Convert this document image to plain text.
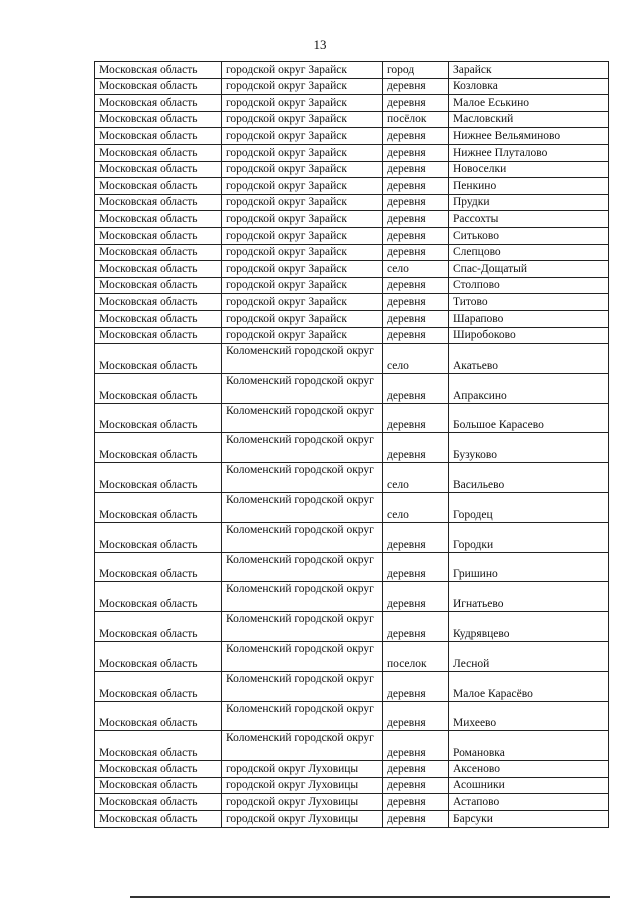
13
Московская область	городской округ Зарайск	город	Зарайск
Московская область	городской округ Зарайск	деревня	Козловка
Московская область	городской округ Зарайск	деревня	Малое Еськино
Московская область	городской округ Зарайск	посёлок	Масловский
Московская область	городской округ Зарайск	деревня	Нижнее Вельяминово
Московская область	городской округ Зарайск	деревня	Нижнее Плуталово
Московская область	городской округ Зарайск	деревня	Новоселки
Московская область	городской округ Зарайск	деревня	Пенкино
Московская область	городской округ Зарайск	деревня	Прудки
Московская область	городской округ Зарайск	деревня	Рассохты
Московская область	городской округ Зарайск	деревня	Ситьково
Московская область	городской округ Зарайск	деревня	Слепцово
Московская область	городской округ Зарайск	село	Спас-Дощатый
Московская область	городской округ Зарайск	деревня	Столпово
Московская область	городской округ Зарайск	деревня	Титово
Московская область	городской округ Зарайск	деревня	Шарапово
Московская область	городской округ Зарайск	деревня	Широбоково
Московская область	Коломенский городской округ	село	Акатьево
Московская область	Коломенский городской округ	деревня	Апраксино
Московская область	Коломенский городской округ	деревня	Большое Карасево
Московская область	Коломенский городской округ	деревня	Бузуково
Московская область	Коломенский городской округ	село	Васильево
Московская область	Коломенский городской округ	село	Городец
Московская область	Коломенский городской округ	деревня	Городки
Московская область	Коломенский городской округ	деревня	Гришино
Московская область	Коломенский городской округ	деревня	Игнатьево
Московская область	Коломенский городской округ	деревня	Кудрявцево
Московская область	Коломенский городской округ	поселок	Лесной
Московская область	Коломенский городской округ	деревня	Малое Карасёво
Московская область	Коломенский городской округ	деревня	Михеево
Московская область	Коломенский городской округ	деревня	Романовка
Московская область	городской округ Луховицы	деревня	Аксеново
Московская область	городской округ Луховицы	деревня	Асошники
Московская область	городской округ Луховицы	деревня	Астапово
Московская область	городской округ Луховицы	деревня	Барсуки
